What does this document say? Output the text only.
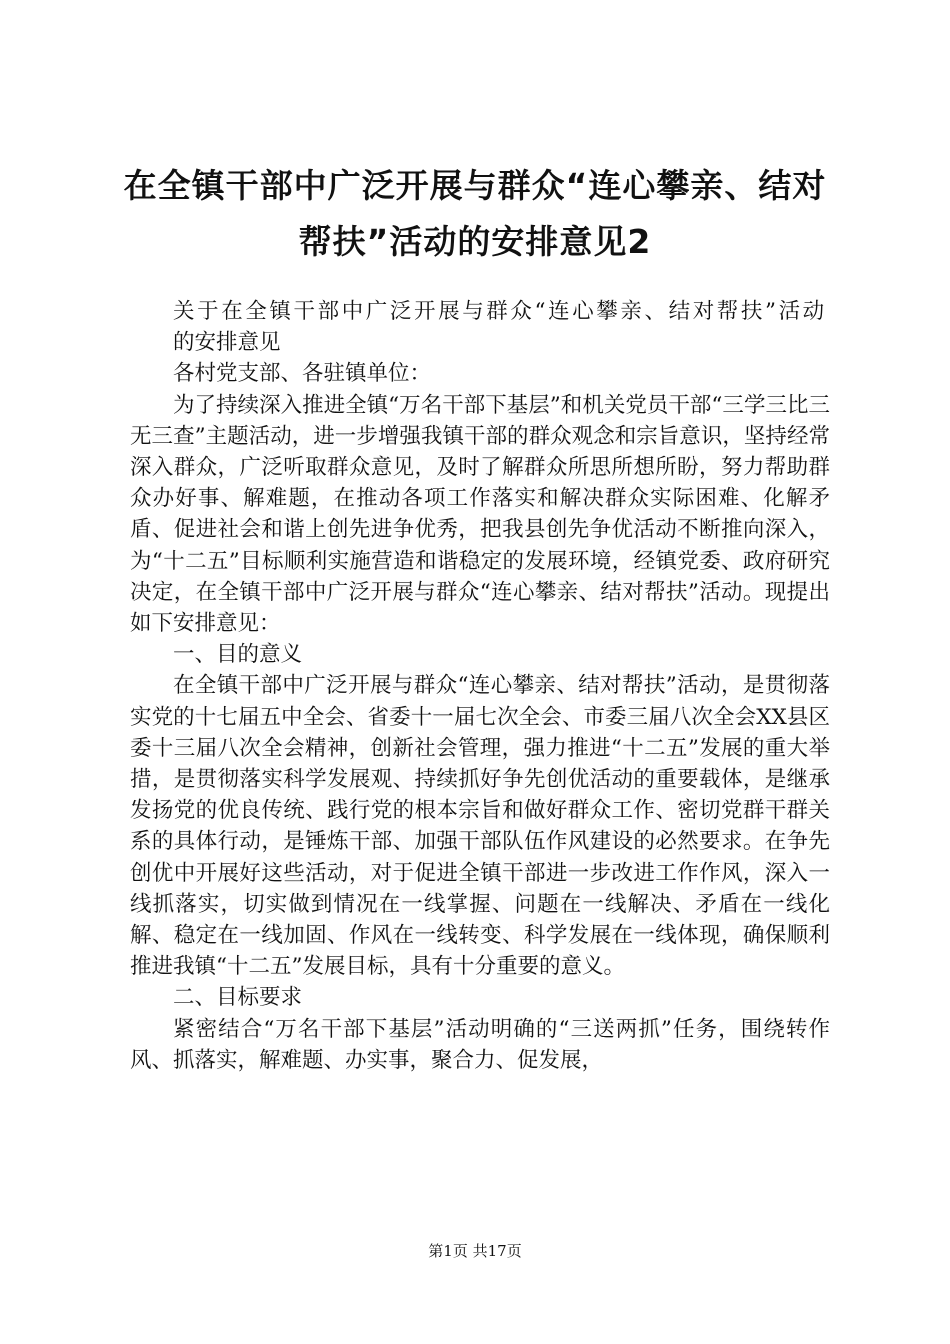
在全镇干部中广泛开展与群众“连心攀亲、结对帮扶”活动的安排意见2

关于在全镇干部中广泛开展与群众“连心攀亲、结对帮扶”活动

的安排意见

各村党支部、各驻镇单位：

为了持续深入推进全镇“万名干部下基层”和机关党员干部“三学三比三无三查”主题活动，进一步增强我镇干部的群众观念和宗旨意识，坚持经常深入群众，广泛听取群众意见，及时了解群众所思所想所盼，努力帮助群众办好事、解难题，在推动各项工作落实和解决群众实际困难、化解矛盾、促进社会和谐上创先进争优秀，把我县创先争优活动不断推向深入，为“十二五”目标顺利实施营造和谐稳定的发展环境，经镇党委、政府研究决定，在全镇干部中广泛开展与群众“连心攀亲、结对帮扶”活动。现提出如下安排意见：

一、目的意义

在全镇干部中广泛开展与群众“连心攀亲、结对帮扶”活动，是贯彻落实党的十七届五中全会、省委十一届七次全会、市委三届八次全会XX县区委十三届八次全会精神，创新社会管理，强力推进“十二五”发展的重大举措，是贯彻落实科学发展观、持续抓好争先创优活动的重要载体，是继承发扬党的优良传统、践行党的根本宗旨和做好群众工作、密切党群干群关系的具体行动，是锤炼干部、加强干部队伍作风建设的必然要求。在争先创优中开展好这些活动，对于促进全镇干部进一步改进工作作风，深入一线抓落实，切实做到情况在一线掌握、问题在一线解决、矛盾在一线化解、稳定在一线加固、作风在一线转变、科学发展在一线体现，确保顺利推进我镇“十二五”发展目标，具有十分重要的意义。

二、目标要求

紧密结合“万名干部下基层”活动明确的“三送两抓”任务，围绕转作风、抓落实，解难题、办实事，聚合力、促发展，

第1页 共17页
